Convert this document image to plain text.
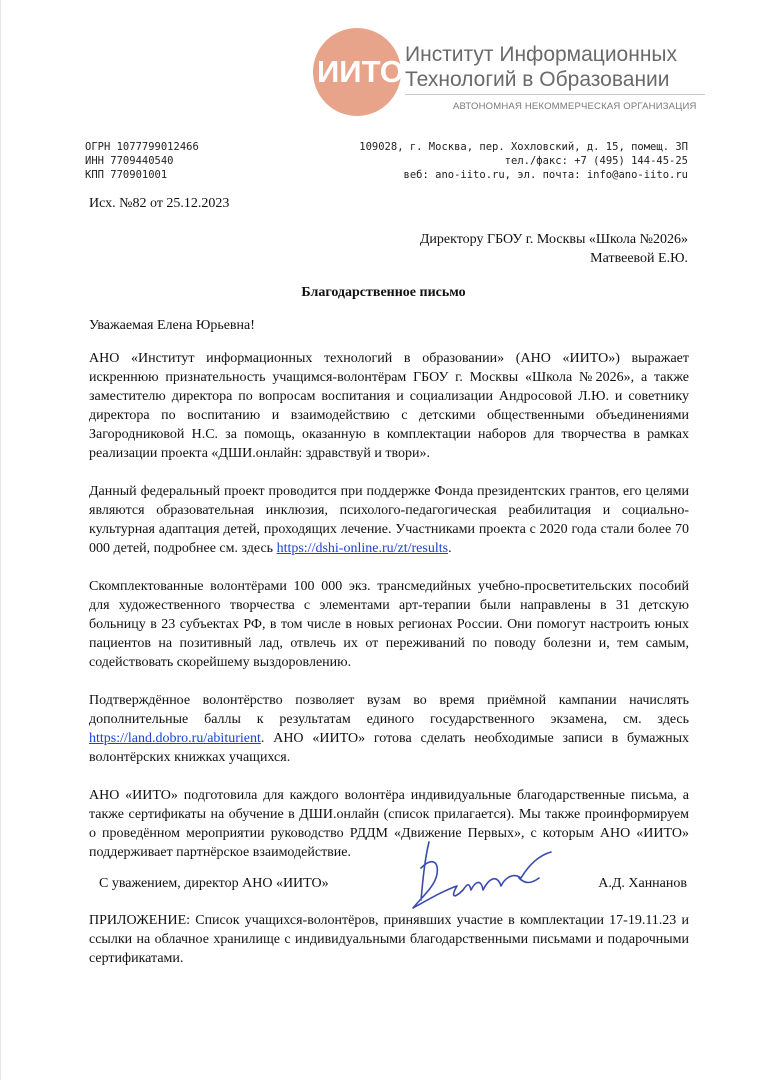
ИИТО Институт Информационных
Технологий в Образовании
АВТОНОМНАЯ НЕКОММЕРЧЕСКАЯ ОРГАНИЗАЦИЯ
ОГРН 1077799012466
ИНН 7709440540
КПП 770901001
109028, г. Москва, пер. Хохловский, д. 15, помещ. 3П
тел./факс: +7 (495) 144-45-25
веб: ano-iito.ru, эл. почта: info@ano-iito.ru
Исх. №82 от 25.12.2023
Директору ГБОУ г. Москвы «Школа №2026»
Матвеевой Е.Ю.
Благодарственное письмо
Уважаемая Елена Юрьевна!

АНО «Институт информационных технологий в образовании» (АНО «ИИТО») выражает искреннюю признательность учащимся-волонтёрам ГБОУ г. Москвы «Школа №2026», а также заместителю директора по вопросам воспитания и социализации Андросовой Л.Ю. и советнику директора по воспитанию и взаимодействию с детскими общественными объединениями Загородниковой Н.С. за помощь, оказанную в комплектации наборов для творчества в рамках реализации проекта «ДШИ.онлайн: здравствуй и твори».

Данный федеральный проект проводится при поддержке Фонда президентских грантов, его целями являются образовательная инклюзия, психолого-педагогическая реабилитация и социально-культурная адаптация детей, проходящих лечение. Участниками проекта с 2020 года стали более 70 000 детей, подробнее см. здесь https://dshi-online.ru/zt/results.

Скомплектованные волонтёрами 100 000 экз. трансмедийных учебно-просветительских пособий для художественного творчества с элементами арт-терапии были направлены в 31 детскую больницу в 23 субъектах РФ, в том числе в новых регионах России. Они помогут настроить юных пациентов на позитивный лад, отвлечь их от переживаний по поводу болезни и, тем самым, содействовать скорейшему выздоровлению.

Подтверждённое волонтёрство позволяет вузам во время приёмной кампании начислять дополнительные баллы к результатам единого государственного экзамена, см. здесь https://land.dobro.ru/abiturient. АНО «ИИТО» готова сделать необходимые записи в бумажных волонтёрских книжках учащихся.

АНО «ИИТО» подготовила для каждого волонтёра индивидуальные благодарственные письма, а также сертификаты на обучение в ДШИ.онлайн (список прилагается). Мы также проинформируем о проведённом мероприятии руководство РДДМ «Движение Первых», с которым АНО «ИИТО» поддерживает партнёрское взаимодействие.

С уважением, директор АНО «ИИТО»	А.Д. Ханнанов
ПРИЛОЖЕНИЕ: Список учащихся-волонтёров, принявших участие в комплектации 17-19.11.23 и ссылки на облачное хранилище с индивидуальными благодарственными письмами и подарочными сертификатами.
